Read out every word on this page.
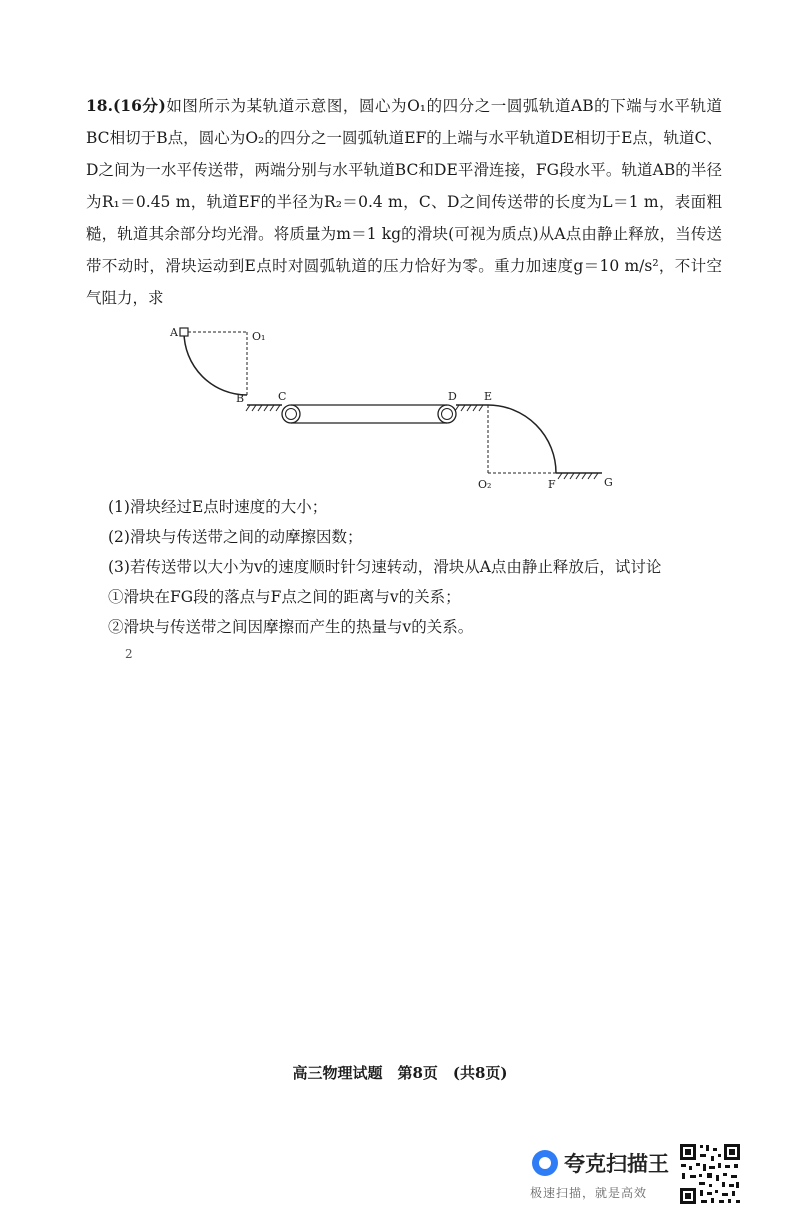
18.(16分)如图所示为某轨道示意图，圆心为O₁的四分之一圆弧轨道AB的下端与水平轨道BC相切于B点，圆心为O₂的四分之一圆弧轨道EF的上端与水平轨道DE相切于E点，轨道C、D之间为一水平传送带，两端分别与水平轨道BC和DE平滑连接，FG段水平。轨道AB的半径为R₁＝0.45 m，轨道EF的半径为R₂＝0.4 m，C、D之间传送带的长度为L＝1 m，表面粗糙，轨道其余部分均光滑。将质量为m＝1 kg的滑块(可视为质点)从A点由静止释放，当传送带不动时，滑块运动到E点时对圆弧轨道的压力恰好为零。重力加速度g＝10 m/s²，不计空气阻力，求

A	O₁
B	C	D E
O₂	F	G

(1)滑块经过E点时速度的大小；

(2)滑块与传送带之间的动摩擦因数；

(3)若传送带以大小为v的速度顺时针匀速转动，滑块从A点由静止释放后，试讨论

①滑块在FG段的落点与F点之间的距离与v的关系；

②滑块与传送带之间因摩擦而产生的热量与v的关系。

2
高三物理试题　第8页　(共8页)
夸克扫描王
极速扫描，就是高效
